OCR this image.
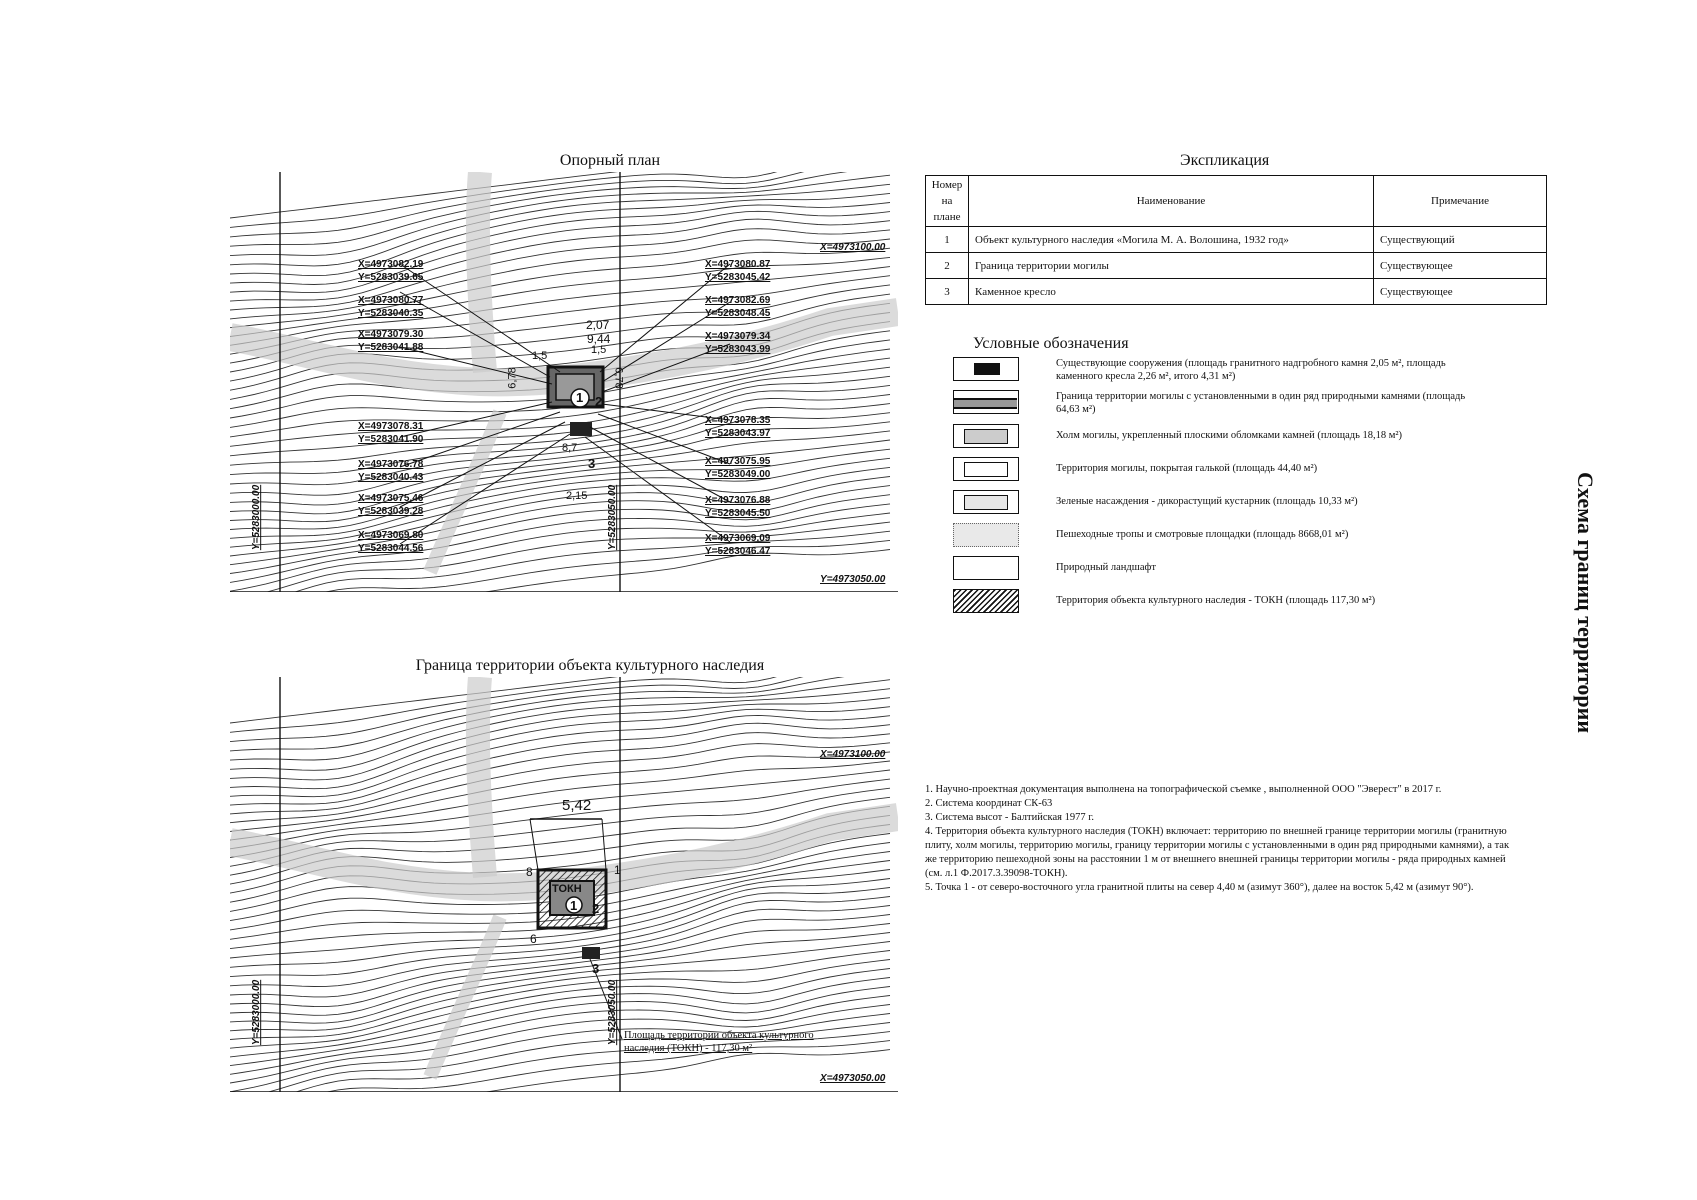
Опорный план
X=4973082.19
Y=5283039.65
X=4973080.77
Y=5283040.35
X=4973079.30
Y=5283041.88
X=4973078.31
Y=5283041.90
X=4973076.78
Y=5283040.43
X=4973075.46
Y=5283039.28
X=4973069.80
Y=5283044.56
X=4973080.87
Y=5283045.42
X=4973082.69
Y=5283048.45
X=4973079.34
Y=5283043.99
X=4973078.35
Y=5283043.97
X=4973075.95
Y=5283049.00
X=4973076.88
Y=5283045.50
X=4973069.09
Y=5283046.47
2,07
9,44
1,5	1,5
6,78	6,78
8,7
2,15
1 2
3
X=4973100.00
Y=4973050.00
Y=5283000.00	Y=5283050.00
Граница территории объекта культурного наследия
5,42
ТОКН
1 2
3
1
8
6
Площадь территории объекта культурного
наследия (ТОКН) - 117,30 м²
X=4973100.00
X=4973050.00
Y=5283000.00	Y=5283050.00
Экспликация
Номер на плане	Наименование	Примечание
1	Объект культурного наследия «Могила М. А. Волошина, 1932 год»	Существующий
2	Граница территории могилы	Существующее
3	Каменное кресло	Существующее
Условные обозначения
Существующие сооружения (площадь гранитного надгробного камня 2,05 м², площадь каменного кресла 2,26 м², итого 4,31 м²)
Граница территории могилы с установленными в один ряд природными камнями (площадь 64,63 м²)
Холм могилы, укрепленный плоскими обломками камней (площадь 18,18 м²)
Территория могилы, покрытая галькой (площадь 44,40 м²)
Зеленые насаждения - дикорастущий кустарник (площадь 10,33 м²)
Пешеходные тропы и смотровые площадки (площадь 8668,01 м²)
Природный ландшафт
Территория объекта культурного наследия - ТОКН (площадь 117,30 м²)

1. Научно-проектная документация выполнена на топографической съемке , выполненной ООО "Эверест" в 2017 г.

2. Система координат СК-63

3. Система высот - Балтийская 1977 г.

4. Территория объекта культурного наследия (ТОКН) включает: территорию по внешней границе территории могилы (гранитную плиту, холм могилы, территорию могилы, границу территории могилы с установленными в один ряд природными камнями), а так же территорию пешеходной зоны на расстоянии 1 м от внешнего внешней границы территории могилы - ряда природных камней (см. л.1 Ф.2017.3.39098-ТОКН).

5. Точка 1 - от северо-восточного угла гранитной плиты на север 4,40 м (азимут 360°), далее на восток 5,42 м (азимут 90°).

Схема границ территории
